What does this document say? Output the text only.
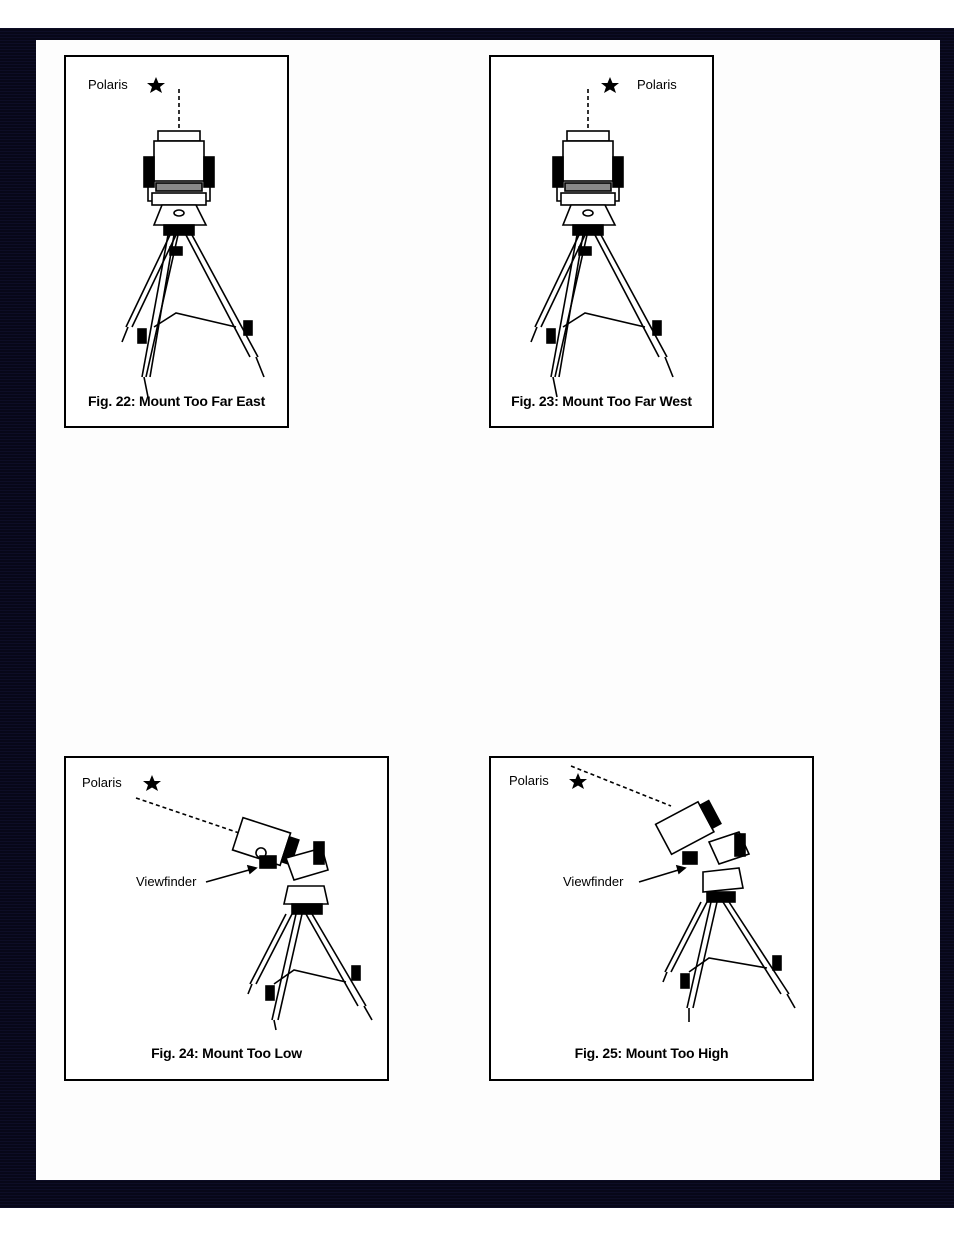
Polaris
Fig. 22: Mount Too Far East
Polaris
Fig. 23: Mount Too Far West
Polaris
Viewfinder
Fig. 24: Mount Too Low
Polaris
Viewfinder
Fig. 25: Mount Too High
